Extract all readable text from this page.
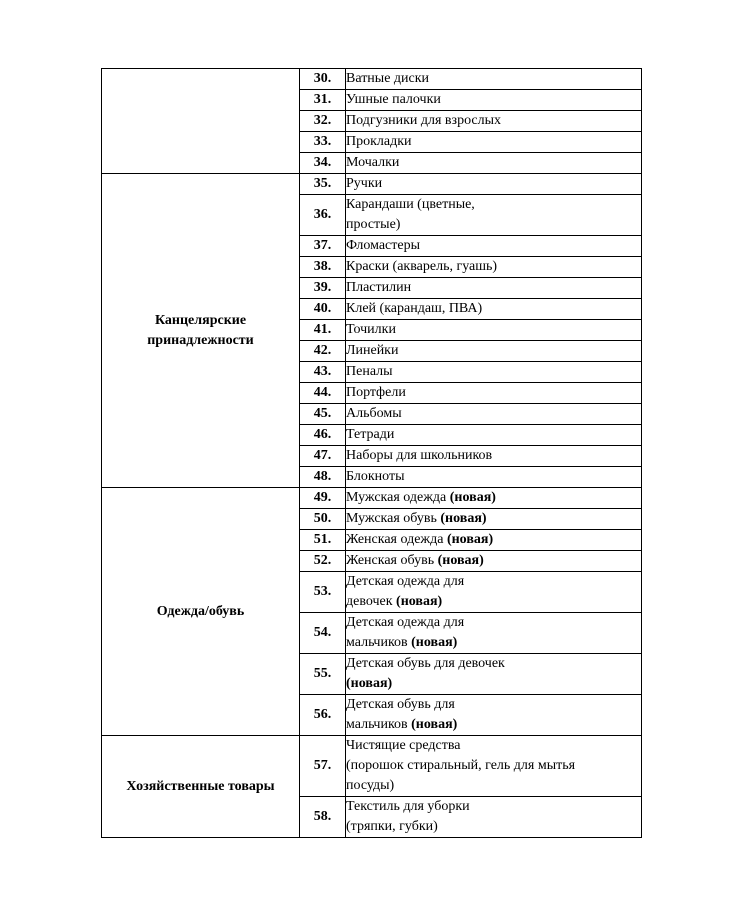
	30.	Ватные диски
	31.	Ушные палочки
	32.	Подгузники для взрослых
	33.	Прокладки
	34.	Мочалки

Канцелярские принадлежности	35.	Ручки
	36.	Карандаши (цветные,
простые)
	37.	Фломастеры
	38.	Краски (акварель, гуашь)
	39.	Пластилин
	40.	Клей (карандаш, ПВА)
	41.	Точилки
	42.	Линейки
	43.	Пеналы
	44.	Портфели
	45.	Альбомы
	46.	Тетради
	47.	Наборы для школьников
	48.	Блокноты

Одежда/обувь	49.	Мужская одежда (новая)
	50.	Мужская обувь (новая)
	51.	Женская одежда (новая)
	52.	Женская обувь (новая)
	53.	Детская одежда для
девочек (новая)
	54.	Детская одежда для
мальчиков (новая)
	55.	Детская обувь для девочек
(новая)
	56.	Детская обувь для
мальчиков (новая)

Хозяйственные товары	57.	Чистящие средства
(порошок стиральный, гель для мытья
посуды)
	58.	Текстиль для уборки
(тряпки, губки)
